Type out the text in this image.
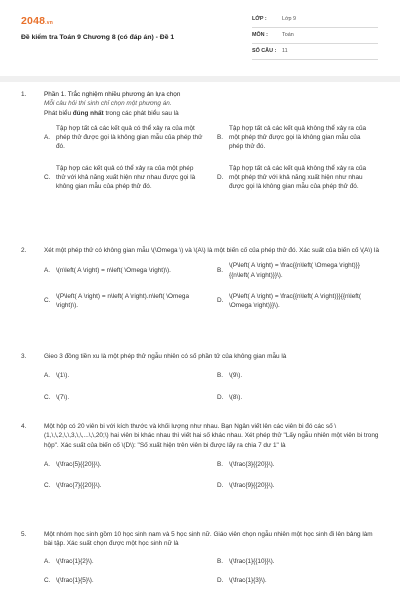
2048.vn
Đề kiểm tra Toán 9 Chương 8 (có đáp án) - Đề 1
LỚP :	Lớp 9
MÔN :	Toán
SỐ CÂU :	11
1.	Phần 1. Trắc nghiệm nhiều phương án lựa chọn
Mỗi câu hỏi thí sinh chỉ chọn một phương án.
Phát biểu đúng nhất trong các phát biểu sau là
A.
Tập hợp tất cả các kết quả có thể xảy ra của một phép thử được gọi là không gian mẫu của phép thử đó.
B.
Tập hợp tất cả các kết quả không thể xảy ra của một phép thử được gọi là không gian mẫu của phép thử đó.
C.
Tập hợp các kết quả có thể xảy ra của một phép thử với khả năng xuất hiện như nhau được gọi là không gian mẫu của phép thử đó.
D.
Tập hợp tất cả các kết quả không thể xảy ra của một phép thử với khả năng xuất hiện như nhau được gọi là không gian mẫu của phép thử đó.
2.	Xét một phép thử có không gian mẫu \(\Omega \) và \(A\) là một biến cố của phép thử đó. Xác suất của biến cố \(A\) là
A. \(n\left( A \right) = n\left( \Omega \right)\).	B.
\(P\left( A \right) = \frac{{n\left( \Omega \right)}}{{n\left( A \right)}}\).
C.
\(P\left( A \right) = n\left( A \right).n\left( \Omega \right)\).
D.
\(P\left( A \right) = \frac{{n\left( A \right)}}{{n\left( \Omega \right)}}\).
3.	Gieo 3 đồng tiền xu là một phép thử ngẫu nhiên có số phần tử của không gian mẫu là
A. \(1\).	B. \(9\).
C. \(7\).	D. \(8\).
4.	Một hộp có 20 viên bi với kích thước và khối lượng như nhau. Bạn Ngân viết lên các viên bi đó các số \(1,\,\,2,\,\,3,\,\,...\,\,20;\) hai viên bi khác nhau thì viết hai số khác nhau. Xét phép thử "Lấy ngẫu nhiên một viên bi trong hộp". Xác suất của biến cố \(D\): "Số xuất hiện trên viên bi được lấy ra chia 7 dư 1" là
A. \(\frac{5}{{20}}\).	B. \(\frac{3}{{20}}\).
C. \(\frac{7}{{20}}\).	D. \(\frac{9}{{20}}\).
5.	Một nhóm học sinh gồm 10 học sinh nam và 5 học sinh nữ. Giáo viên chọn ngẫu nhiên một học sinh đi lên bảng làm bài tập. Xác suất chọn được một học sinh nữ là
A. \(\frac{1}{2}\).	B. \(\frac{1}{{10}}\).
C. \(\frac{1}{5}\).	D. \(\frac{1}{3}\).
